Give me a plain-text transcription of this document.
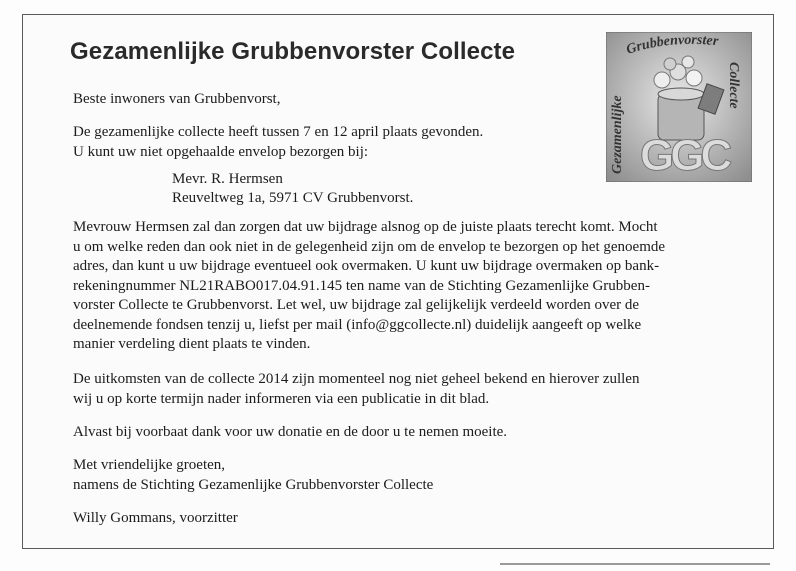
Gezamenlijke Grubbenvorster Collecte	Grubbenvorster
Gezamenlijke
Collecte
GGC

Beste inwoners van Grubbenvorst,

De gezamenlijke collecte heeft tussen 7 en 12 april plaats gevonden.
U kunt uw niet opgehaalde envelop bezorgen bij:

Mevr. R. Hermsen
Reuveltweg 1a, 5971 CV Grubbenvorst.

Mevrouw Hermsen zal dan zorgen dat uw bijdrage alsnog op de juiste plaats terecht komt. Mocht
u om welke reden dan ook niet in de gelegenheid zijn om de envelop te bezorgen op het genoemde
adres, dan kunt u uw bijdrage eventueel ook overmaken. U kunt uw bijdrage overmaken op bank-
rekeningnummer NL21RABO017.04.91.145 ten name van de Stichting Gezamenlijke Grubben-
vorster Collecte te Grubbenvorst. Let wel, uw bijdrage zal gelijkelijk verdeeld worden over de
deelnemende fondsen tenzij u, liefst per mail (info@ggcollecte.nl) duidelijk aangeeft op welke
manier verdeling dient plaats te vinden.

De uitkomsten van de collecte 2014 zijn momenteel nog niet geheel bekend en hierover zullen
wij u op korte termijn nader informeren via een publicatie in dit blad.

Alvast bij voorbaat dank voor uw donatie en de door u te nemen moeite.

Met vriendelijke groeten,
namens de Stichting Gezamenlijke Grubbenvorster Collecte

Willy Gommans, voorzitter
